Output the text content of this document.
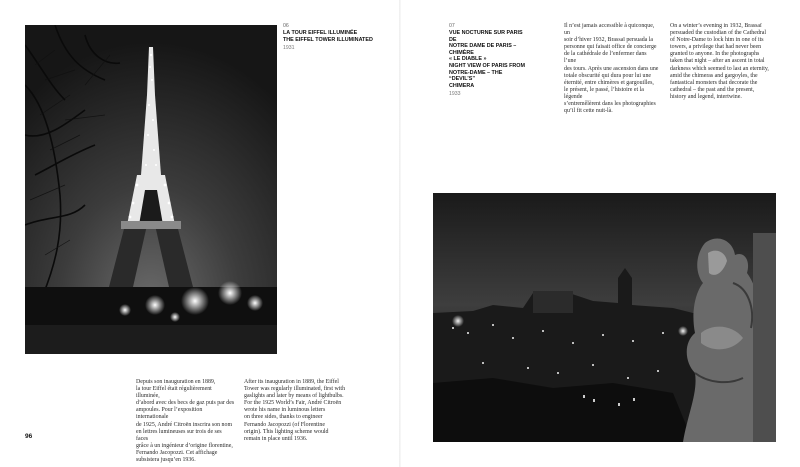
06
LA TOUR EIFFEL ILLUMINÉE
THE EIFFEL TOWER ILLUMINATED
1931
07
VUE NOCTURNE SUR PARIS DE
NOTRE DAME DE PARIS – CHIMÈRE
« LE DIABLE »
NIGHT VIEW OF PARIS FROM
NOTRE-DAME – THE “DEVIL’S”
CHIMERA
1933

Il n’est jamais accessible à quiconque, un

soir d’hiver 1932, Brassaï persuada la

personne qui faisait office de concierge

de la cathédrale de l’enfermer dans l’une

des tours. Après une ascension dans une

totale obscurité qui dura pour lui une

éternité, entre chimères et gargouilles,

le présent, le passé, l’histoire et la légende

s’entremêlèrent dans les photographies

qu’il fit cette nuit-là.

On a winter’s evening in 1932, Brassaï

persuaded the custodian of the Cathedral

of Notre-Dame to lock him in one of its

towers, a privilege that had never been

granted to anyone. In the photographs

taken that night – after an ascent in total

darkness which seemed to last an eternity,

amid the chimeras and gargoyles, the

fantastical monsters that decorate the

cathedral – the past and the present,

history and legend, intertwine.

Depuis son inauguration en 1889,

la tour Eiffel était régulièrement illuminée,

d’abord avec des becs de gaz puis par des

ampoules. Pour l’exposition internationale

de 1925, André Citroën inscrira son nom

en lettres lumineuses sur trois de ses faces

grâce à un ingénieur d’origine florentine,

Fernando Jacopozzi. Cet affichage

subsistera jusqu’en 1936.

After its inauguration in 1889, the Eiffel

Tower was regularly illuminated, first with

gaslights and later by means of lightbulbs.

For the 1925 World’s Fair, André Citroën

wrote his name in luminous letters

on three sides, thanks to engineer

Fernando Jacopozzi (of Florentine

origin). This lighting scheme would

remain in place until 1936.

96
